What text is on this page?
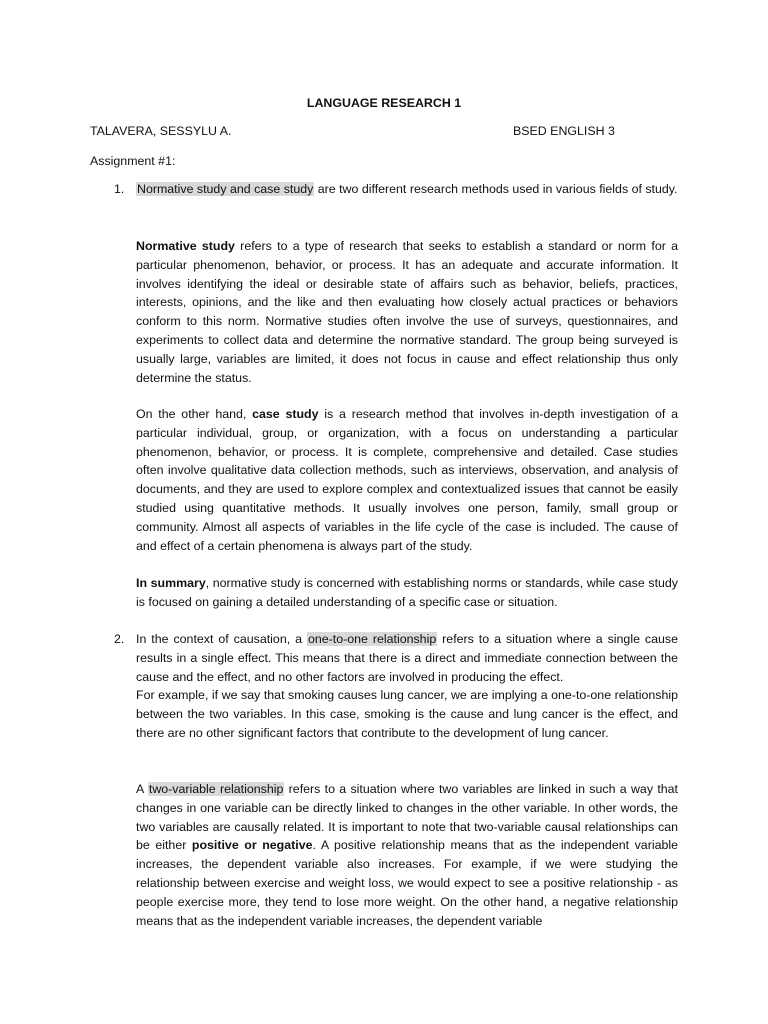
LANGUAGE RESEARCH 1
TALAVERA, SESSYLU A.	BSED ENGLISH 3
Assignment #1:
1.	Normative study and case study are two different research methods used in various fields of study.
Normative study refers to a type of research that seeks to establish a standard or norm for a particular phenomenon, behavior, or process. It has an adequate and accurate information. It involves identifying the ideal or desirable state of affairs such as behavior, beliefs, practices, interests, opinions, and the like and then evaluating how closely actual practices or behaviors conform to this norm. Normative studies often involve the use of surveys, questionnaires, and experiments to collect data and determine the normative standard. The group being surveyed is usually large, variables are limited, it does not focus in cause and effect relationship thus only determine the status.
On the other hand, case study is a research method that involves in-depth investigation of a particular individual, group, or organization, with a focus on understanding a particular phenomenon, behavior, or process. It is complete, comprehensive and detailed. Case studies often involve qualitative data collection methods, such as interviews, observation, and analysis of documents, and they are used to explore complex and contextualized issues that cannot be easily studied using quantitative methods. It usually involves one person, family, small group or community. Almost all aspects of variables in the life cycle of the case is included. The cause of and effect of a certain phenomena is always part of the study.
In summary, normative study is concerned with establishing norms or standards, while case study is focused on gaining a detailed understanding of a specific case or situation.
2. In the context of causation, a one-to-one relationship refers to a situation where a single cause results in a single effect. This means that there is a direct and immediate connection between the cause and the effect, and no other factors are involved in producing the effect.
For example, if we say that smoking causes lung cancer, we are implying a one-to-one relationship between the two variables. In this case, smoking is the cause and lung cancer is the effect, and there are no other significant factors that contribute to the development of lung cancer.
A two-variable relationship refers to a situation where two variables are linked in such a way that changes in one variable can be directly linked to changes in the other variable. In other words, the two variables are causally related. It is important to note that two-variable causal relationships can be either positive or negative. A positive relationship means that as the independent variable increases, the dependent variable also increases. For example, if we were studying the relationship between exercise and weight loss, we would expect to see a positive relationship - as people exercise more, they tend to lose more weight. On the other hand, a negative relationship means that as the independent variable increases, the dependent variable
